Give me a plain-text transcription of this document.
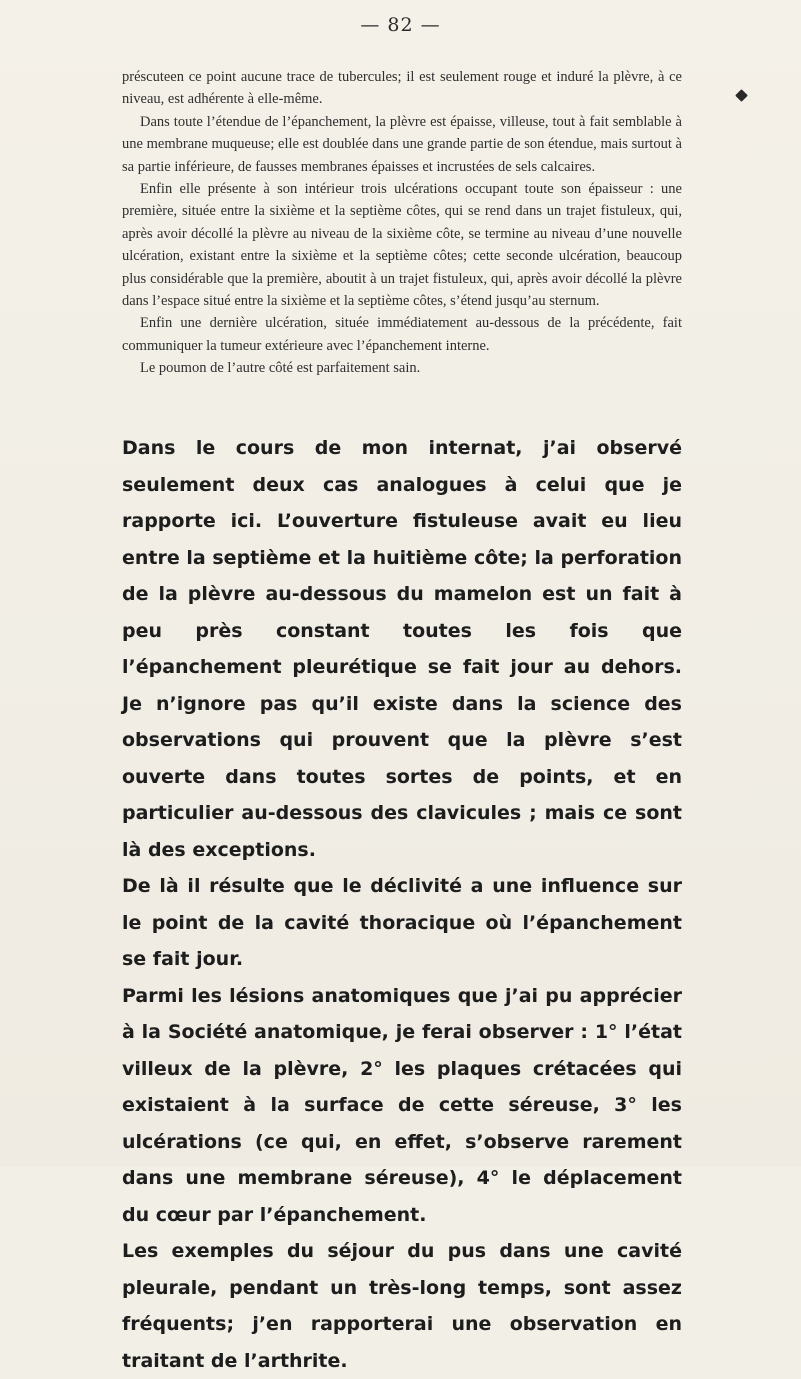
— 82 —

préscuteen ce point aucune trace de tubercules; il est seulement rouge et induré la plèvre, à ce niveau, est adhérente à elle-même.

Dans toute l’étendue de l’épanchement, la plèvre est épaisse, villeuse, tout à fait semblable à une membrane muqueuse; elle est doublée dans une grande partie de son étendue, mais surtout à sa partie inférieure, de fausses membranes épaisses et incrustées de sels calcaires.

Enfin elle présente à son intérieur trois ulcérations occupant toute son épaisseur : une première, située entre la sixième et la septième côtes, qui se rend dans un trajet fistuleux, qui, après avoir décollé la plèvre au niveau de la sixième côte, se termine au niveau d’une nouvelle ulcération, existant entre la sixième et la septième côtes; cette seconde ulcération, beaucoup plus considérable que la première, aboutit à un trajet fistuleux, qui, après avoir décollé la plèvre dans l’espace situé entre la sixième et la septième côtes, s’étend jusqu’au sternum.

Enfin une dernière ulcération, située immédiatement au-dessous de la précédente, fait communiquer la tumeur extérieure avec l’épanchement interne.

Le poumon de l’autre côté est parfaitement sain.

Dans le cours de mon internat, j’ai observé seulement deux cas analogues à celui que je rapporte ici. L’ouverture fistuleuse avait eu lieu entre la septième et la huitième côte; la perforation de la plèvre au-dessous du mamelon est un fait à peu près constant toutes les fois que l’épanchement pleurétique se fait jour au dehors. Je n’ignore pas qu’il existe dans la science des observations qui prouvent que la plèvre s’est ouverte dans toutes sortes de points, et en particulier au-dessous des clavicules ; mais ce sont là des exceptions.

De là il résulte que le déclivité a une influence sur le point de la cavité thoracique où l’épanchement se fait jour.

Parmi les lésions anatomiques que j’ai pu apprécier à la Société anatomique, je ferai observer : 1° l’état villeux de la plèvre, 2° les plaques crétacées qui existaient à la surface de cette séreuse, 3° les ulcérations (ce qui, en effet, s’observe rarement dans une membrane séreuse), 4° le déplacement du cœur par l’épanchement.

Les exemples du séjour du pus dans une cavité pleurale, pendant un très-long temps, sont assez fréquents; j’en rapporterai une observation en traitant de l’arthrite.
